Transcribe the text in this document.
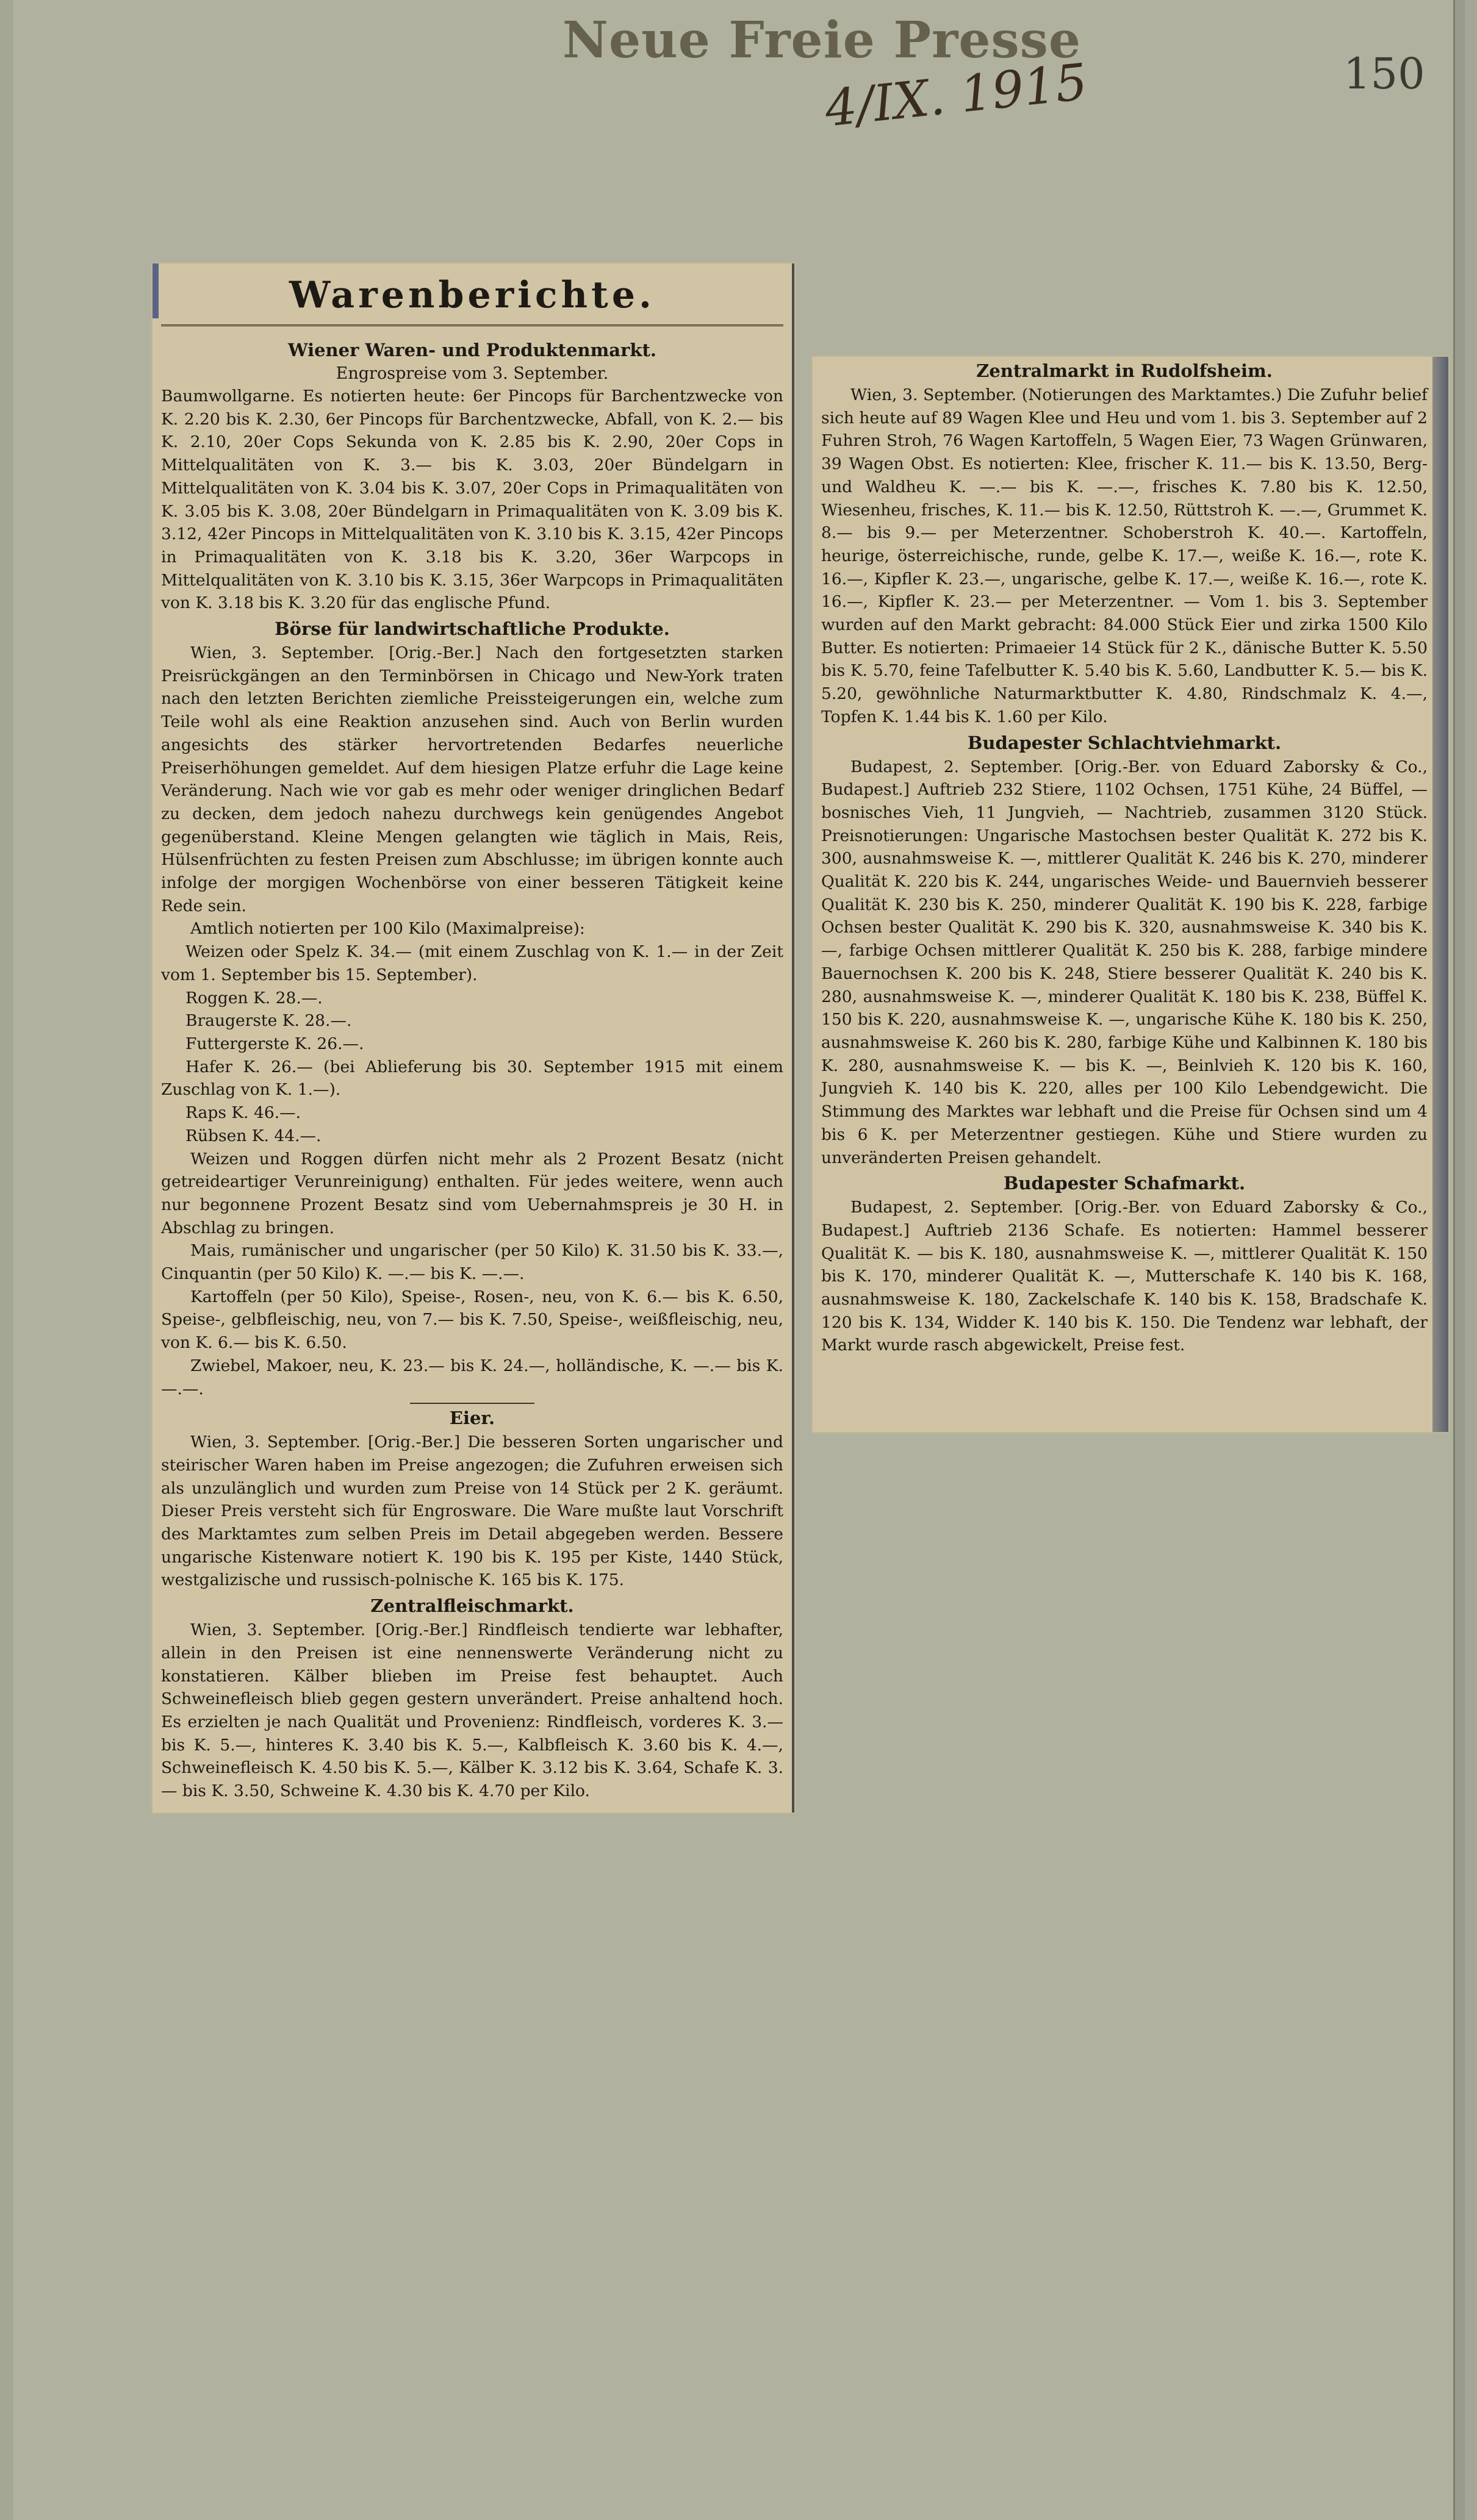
Neue Freie Presse
4/IX. 1915	150
Warenberichte.
Wiener Waren- und Produktenmarkt.
Engrospreise vom 3. September.

Baumwollgarne. Es notierten heute: 6er Pincops für Barchentzwecke von K. 2.20 bis K. 2.30, 6er Pincops für Barchentzwecke, Abfall, von K. 2.— bis K. 2.10, 20er Cops Sekunda von K. 2.85 bis K. 2.90, 20er Cops in Mittelqualitäten von K. 3.— bis K. 3.03, 20er Bündelgarn in Mittelqualitäten von K. 3.04 bis K. 3.07, 20er Cops in Primaqualitäten von K. 3.05 bis K. 3.08, 20er Bündelgarn in Primaqualitäten von K. 3.09 bis K. 3.12, 42er Pincops in Mittelqualitäten von K. 3.10 bis K. 3.15, 42er Pincops in Primaqualitäten von K. 3.18 bis K. 3.20, 36er Warpcops in Mittelqualitäten von K. 3.10 bis K. 3.15, 36er Warpcops in Primaqualitäten von K. 3.18 bis K. 3.20 für das englische Pfund.

Börse für landwirtschaftliche Produkte.

Wien, 3. September. [Orig.-Ber.] Nach den fortgesetzten starken Preisrückgängen an den Terminbörsen in Chicago und New-York traten nach den letzten Berichten ziemliche Preissteigerungen ein, welche zum Teile wohl als eine Reaktion anzusehen sind. Auch von Berlin wurden angesichts des stärker hervortretenden Bedarfes neuerliche Preiserhöhungen gemeldet. Auf dem hiesigen Platze erfuhr die Lage keine Veränderung. Nach wie vor gab es mehr oder weniger dringlichen Bedarf zu decken, dem jedoch nahezu durchwegs kein genügendes Angebot gegenüberstand. Kleine Mengen gelangten wie täglich in Mais, Reis, Hülsenfrüchten zu festen Preisen zum Abschlusse; im übrigen konnte auch infolge der morgigen Wochenbörse von einer besseren Tätigkeit keine Rede sein.

Amtlich notierten per 100 Kilo (Maximalpreise):

Weizen oder Spelz K. 34.— (mit einem Zuschlag von K. 1.— in der Zeit vom 1. September bis 15. September).

Roggen K. 28.—.

Braugerste K. 28.—.

Futtergerste K. 26.—.

Hafer K. 26.— (bei Ablieferung bis 30. September 1915 mit einem Zuschlag von K. 1.—).

Raps K. 46.—.

Rübsen K. 44.—.

Weizen und Roggen dürfen nicht mehr als 2 Prozent Besatz (nicht getreideartiger Verunreinigung) enthalten. Für jedes weitere, wenn auch nur begonnene Prozent Besatz sind vom Uebernahmspreis je 30 H. in Abschlag zu bringen.

Mais, rumänischer und ungarischer (per 50 Kilo) K. 31.50 bis K. 33.—, Cinquantin (per 50 Kilo) K. —.— bis K. —.—.

Kartoffeln (per 50 Kilo), Speise-, Rosen-, neu, von K. 6.— bis K. 6.50, Speise-, gelbfleischig, neu, von 7.— bis K. 7.50, Speise-, weißfleischig, neu, von K. 6.— bis K. 6.50.

Zwiebel, Makoer, neu, K. 23.— bis K. 24.—, holländische, K. —.— bis K. —.—.

Eier.

Wien, 3. September. [Orig.-Ber.] Die besseren Sorten ungarischer und steirischer Waren haben im Preise angezogen; die Zufuhren erweisen sich als unzulänglich und wurden zum Preise von 14 Stück per 2 K. geräumt. Dieser Preis versteht sich für Engrosware. Die Ware mußte laut Vorschrift des Marktamtes zum selben Preis im Detail abgegeben werden. Bessere ungarische Kistenware notiert K. 190 bis K. 195 per Kiste, 1440 Stück, westgalizische und russisch-polnische K. 165 bis K. 175.

Zentralfleischmarkt.

Wien, 3. September. [Orig.-Ber.] Rindfleisch tendierte war lebhafter, allein in den Preisen ist eine nennenswerte Veränderung nicht zu konstatieren. Kälber blieben im Preise fest behauptet. Auch Schweinefleisch blieb gegen gestern unverändert. Preise anhaltend hoch. Es erzielten je nach Qualität und Provenienz: Rindfleisch, vorderes K. 3.— bis K. 5.—, hinteres K. 3.40 bis K. 5.—, Kalbfleisch K. 3.60 bis K. 4.—, Schweinefleisch K. 4.50 bis K. 5.—, Kälber K. 3.12 bis K. 3.64, Schafe K. 3.— bis K. 3.50, Schweine K. 4.30 bis K. 4.70 per Kilo.

Zentralmarkt in Rudolfsheim.

Wien, 3. September. (Notierungen des Marktamtes.) Die Zufuhr belief sich heute auf 89 Wagen Klee und Heu und vom 1. bis 3. September auf 2 Fuhren Stroh, 76 Wagen Kartoffeln, 5 Wagen Eier, 73 Wagen Grünwaren, 39 Wagen Obst. Es notierten: Klee, frischer K. 11.— bis K. 13.50, Berg- und Waldheu K. —.— bis K. —.—, frisches K. 7.80 bis K. 12.50, Wiesenheu, frisches, K. 11.— bis K. 12.50, Rüttstroh K. —.—, Grummet K. 8.— bis 9.— per Meterzentner. Schoberstroh K. 40.—. Kartoffeln, heurige, österreichische, runde, gelbe K. 17.—, weiße K. 16.—, rote K. 16.—, Kipfler K. 23.—, ungarische, gelbe K. 17.—, weiße K. 16.—, rote K. 16.—, Kipfler K. 23.— per Meterzentner. — Vom 1. bis 3. September wurden auf den Markt gebracht: 84.000 Stück Eier und zirka 1500 Kilo Butter. Es notierten: Primaeier 14 Stück für 2 K., dänische Butter K. 5.50 bis K. 5.70, feine Tafelbutter K. 5.40 bis K. 5.60, Landbutter K. 5.— bis K. 5.20, gewöhnliche Naturmarktbutter K. 4.80, Rindschmalz K. 4.—, Topfen K. 1.44 bis K. 1.60 per Kilo.

Budapester Schlachtviehmarkt.

Budapest, 2. September. [Orig.-Ber. von Eduard Zaborsky & Co., Budapest.] Auftrieb 232 Stiere, 1102 Ochsen, 1751 Kühe, 24 Büffel, — bosnisches Vieh, 11 Jungvieh, — Nachtrieb, zusammen 3120 Stück. Preisnotierungen: Ungarische Mastochsen bester Qualität K. 272 bis K. 300, ausnahmsweise K. —, mittlerer Qualität K. 246 bis K. 270, minderer Qualität K. 220 bis K. 244, ungarisches Weide- und Bauernvieh besserer Qualität K. 230 bis K. 250, minderer Qualität K. 190 bis K. 228, farbige Ochsen bester Qualität K. 290 bis K. 320, ausnahmsweise K. 340 bis K. —, farbige Ochsen mittlerer Qualität K. 250 bis K. 288, farbige mindere Bauernochsen K. 200 bis K. 248, Stiere besserer Qualität K. 240 bis K. 280, ausnahmsweise K. —, minderer Qualität K. 180 bis K. 238, Büffel K. 150 bis K. 220, ausnahmsweise K. —, ungarische Kühe K. 180 bis K. 250, ausnahmsweise K. 260 bis K. 280, farbige Kühe und Kalbinnen K. 180 bis K. 280, ausnahmsweise K. — bis K. —, Beinlvieh K. 120 bis K. 160, Jungvieh K. 140 bis K. 220, alles per 100 Kilo Lebendgewicht. Die Stimmung des Marktes war lebhaft und die Preise für Ochsen sind um 4 bis 6 K. per Meterzentner gestiegen. Kühe und Stiere wurden zu unveränderten Preisen gehandelt.

Budapester Schafmarkt.

Budapest, 2. September. [Orig.-Ber. von Eduard Zaborsky & Co., Budapest.] Auftrieb 2136 Schafe. Es notierten: Hammel besserer Qualität K. — bis K. 180, ausnahmsweise K. —, mittlerer Qualität K. 150 bis K. 170, minderer Qualität K. —, Mutterschafe K. 140 bis K. 168, ausnahmsweise K. 180, Zackelschafe K. 140 bis K. 158, Bradschafe K. 120 bis K. 134, Widder K. 140 bis K. 150. Die Tendenz war lebhaft, der Markt wurde rasch abgewickelt, Preise fest.
